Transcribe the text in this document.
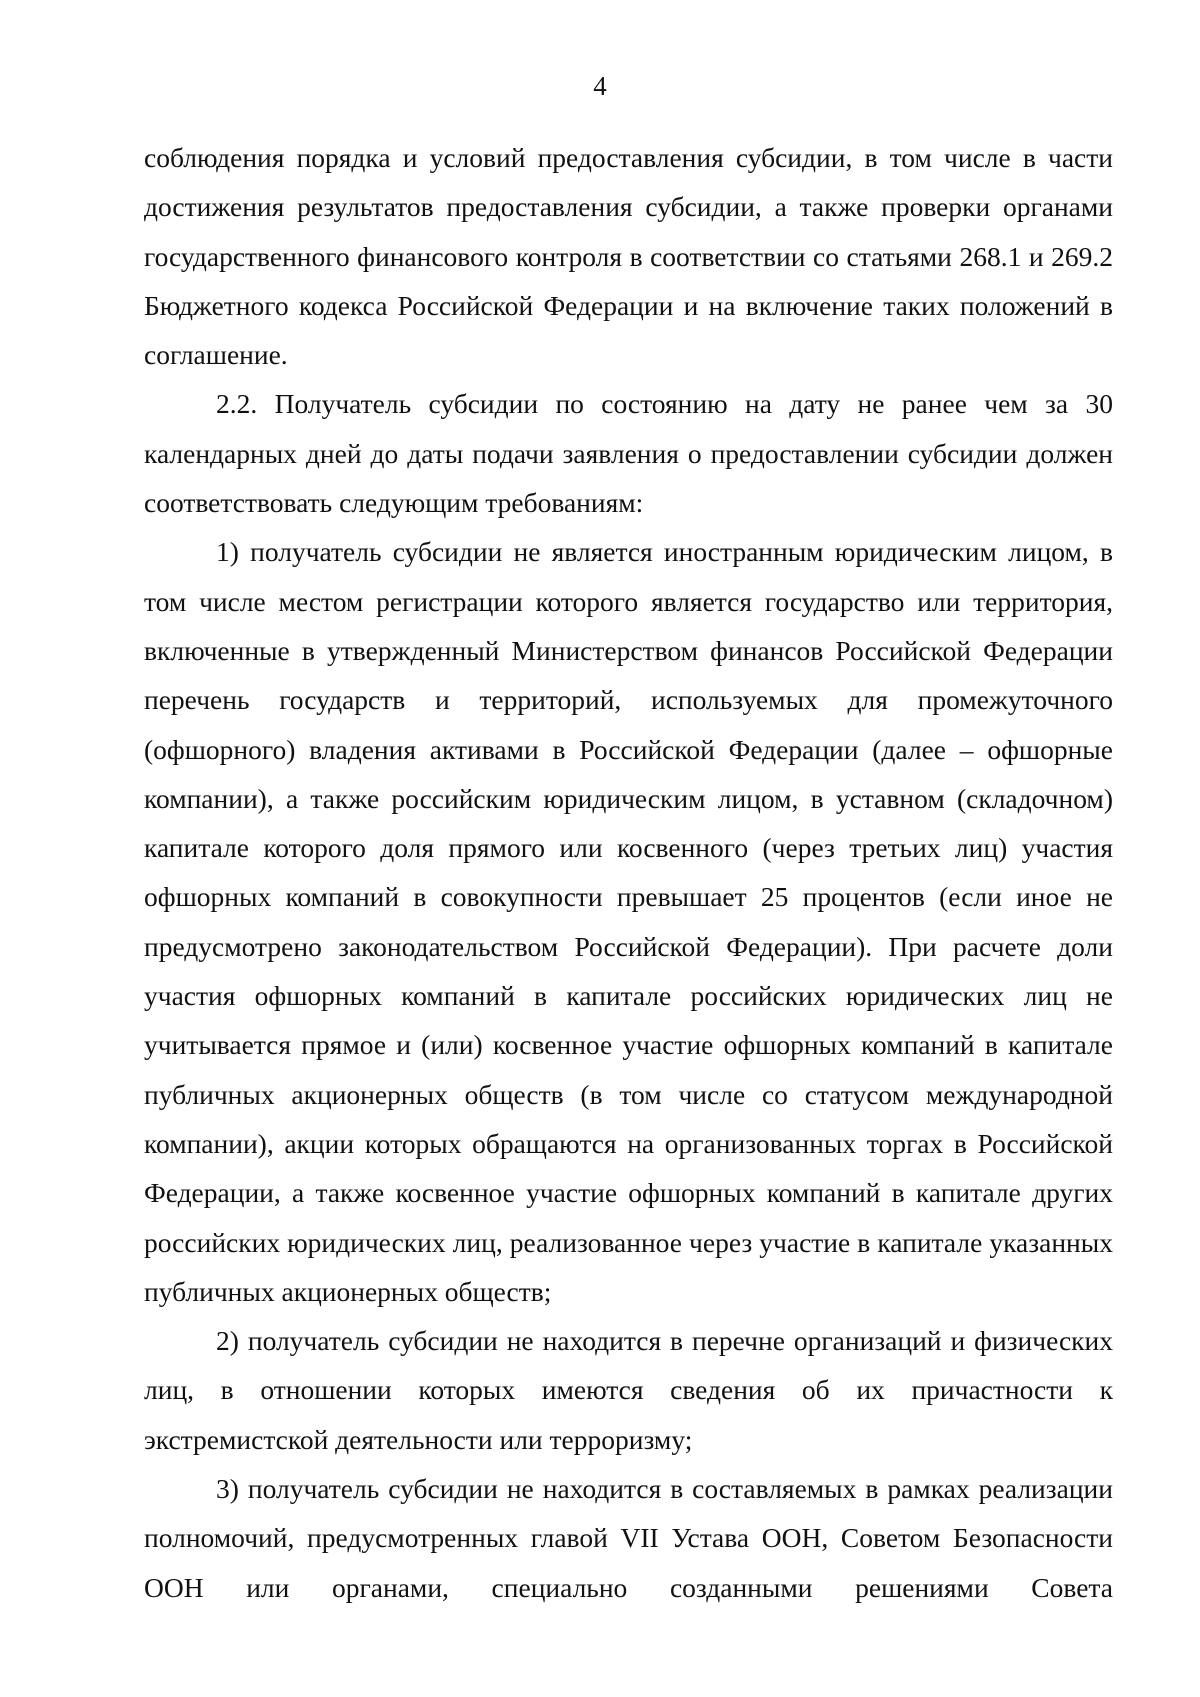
4

соблюдения порядка и условий предоставления субсидии, в том числе в части достижения результатов предоставления субсидии, а также проверки органами государственного финансового контроля в соответствии со статьями 268.1 и 269.2 Бюджетного кодекса Российской Федерации и на включение таких положений в соглашение.

2.2. Получатель субсидии по состоянию на дату не ранее чем за 30 календарных дней до даты подачи заявления о предоставлении субсидии должен соответствовать следующим требованиям:

1) получатель субсидии не является иностранным юридическим лицом, в том числе местом регистрации которого является государство или территория, включенные в утвержденный Министерством финансов Российской Федерации перечень государств и территорий, используемых для промежуточного (офшорного) владения активами в Российской Федерации (далее – офшорные компании), а также российским юридическим лицом, в уставном (складочном) капитале которого доля прямого или косвенного (через третьих лиц) участия офшорных компаний в совокупности превышает 25 процентов (если иное не предусмотрено законодательством Российской Федерации). При расчете доли участия офшорных компаний в капитале российских юридических лиц не учитывается прямое и (или) косвенное участие офшорных компаний в капитале публичных акционерных обществ (в том числе со статусом международной компании), акции которых обращаются на организованных торгах в Российской Федерации, а также косвенное участие офшорных компаний в капитале других российских юридических лиц, реализованное через участие в капитале указанных публичных акционерных обществ;

2) получатель субсидии не находится в перечне организаций и физических лиц, в отношении которых имеются сведения об их причастности к экстремистской деятельности или терроризму;

3) получатель субсидии не находится в составляемых в рамках реализации полномочий, предусмотренных главой VII Устава ООН, Советом Безопасности ООН или органами, специально созданными решениями Совета
